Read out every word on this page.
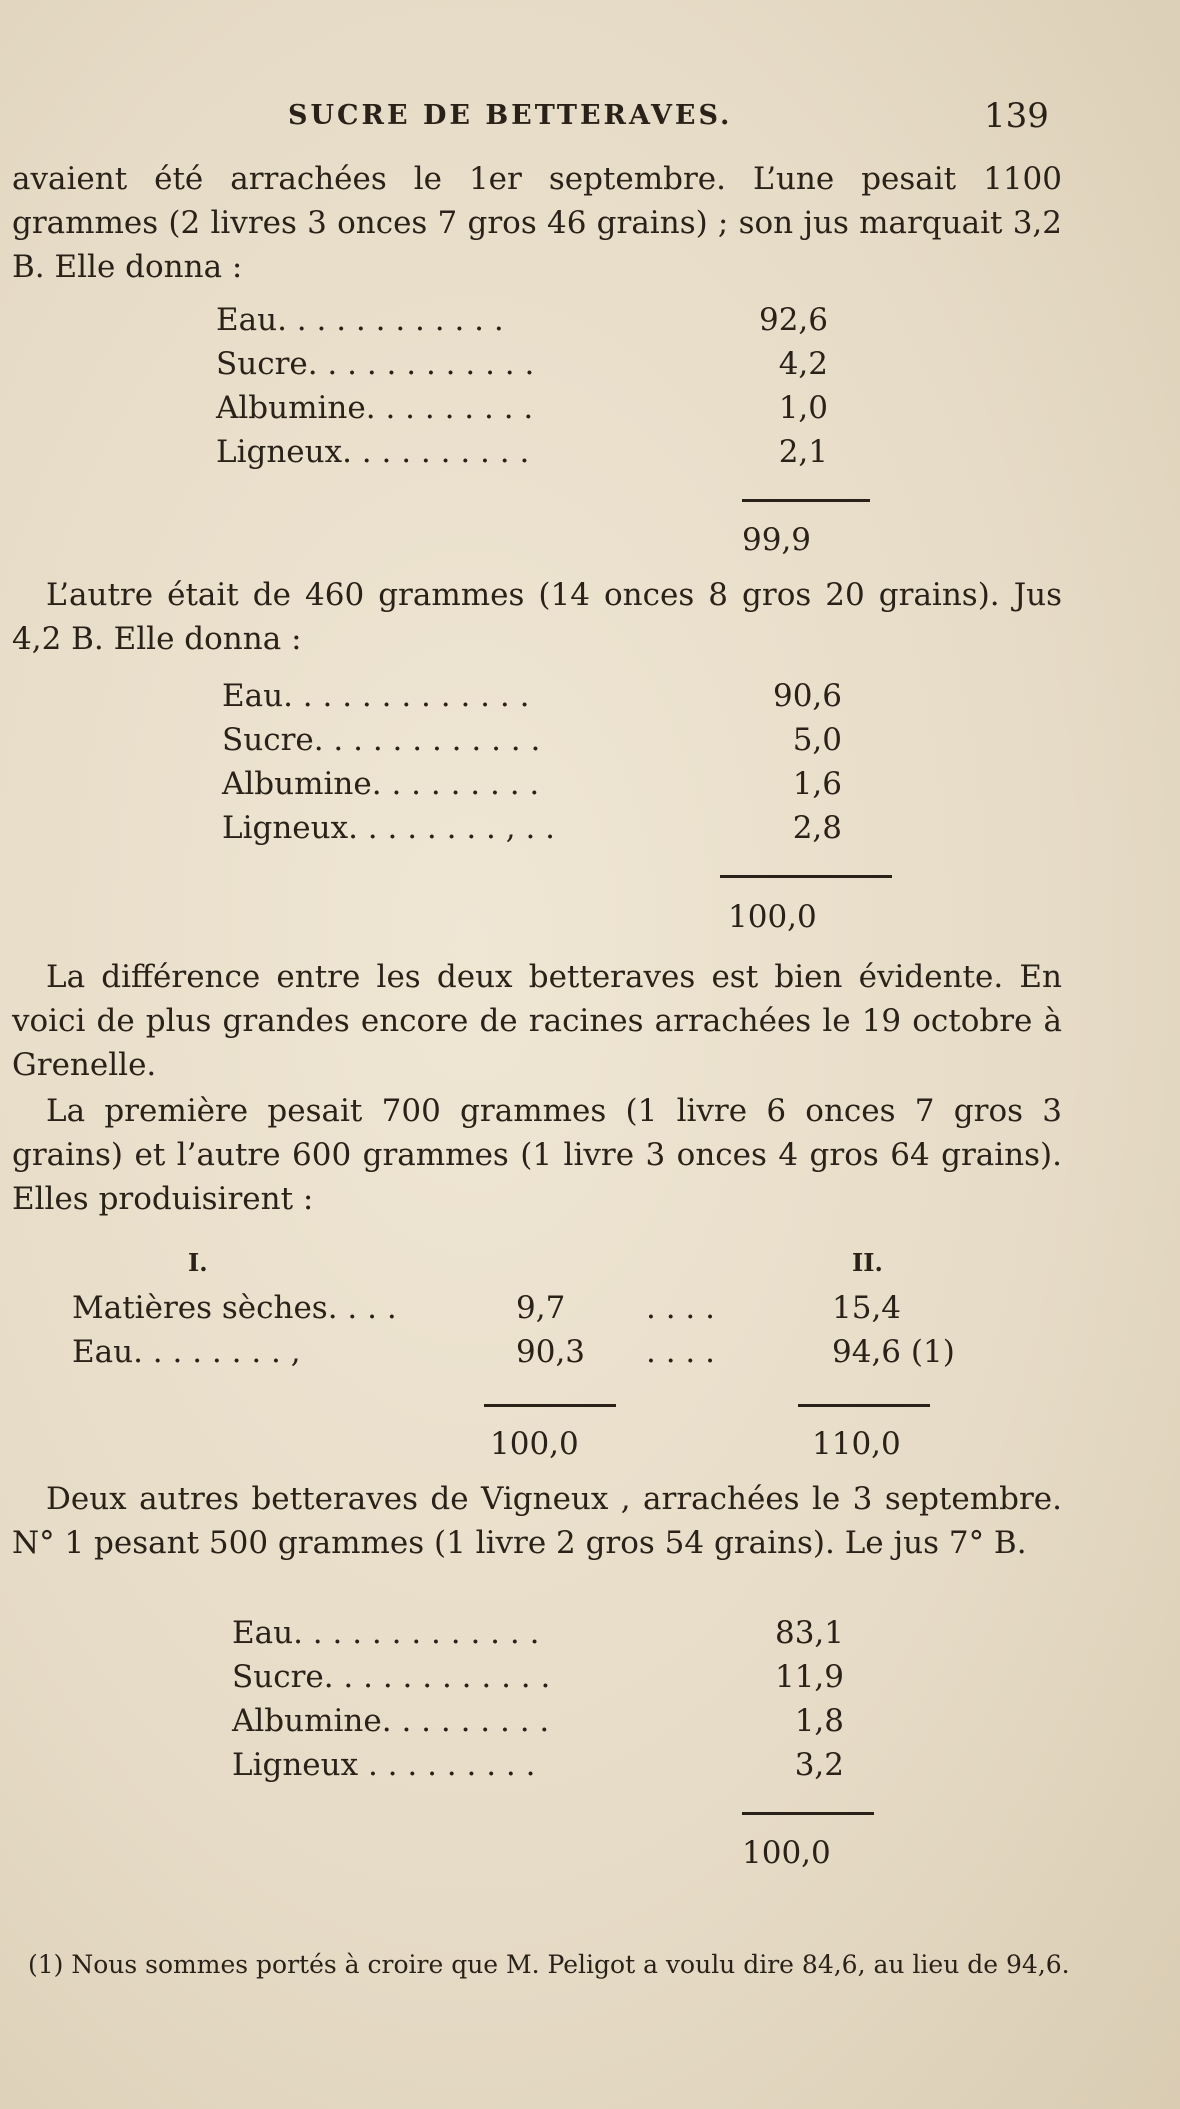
SUCRE DE BETTERAVES.	139
avaient été arrachées le 1er septembre. L’une pesait 1100 grammes (2 livres 3 onces 7 gros 46 grains) ; son jus marquait 3,2 B. Elle donna :
Eau. . . . . . . . . . . .	92,6
Sucre. . . . . . . . . . . .	4,2
Albumine. . . . . . . . .	1,0
Ligneux. . . . . . . . . .	2,1
99,9
L’autre était de 460 grammes (14 onces 8 gros 20 grains). Jus 4,2 B. Elle donna :
Eau. . . . . . . . . . . . .	90,6
Sucre. . . . . . . . . . . .	5,0
Albumine. . . . . . . . .	1,6
Ligneux. . . . . . . . , . .	2,8
100,0
La différence entre les deux betteraves est bien évidente. En voici de plus grandes encore de racines arrachées le 19 octobre à Grenelle.
La première pesait 700 grammes (1 livre 6 onces 7 gros 3 grains) et l’autre 600 grammes (1 livre 3 onces 4 gros 64 grains). Elles produisirent :
I.	II.
Matières sèches. . . .	9,7	. . . .	15,4
Eau. . . . . . . . ,	90,3 . . . .	94,6 (1)
100,0	110,0
Deux autres betteraves de Vigneux , arrachées le 3 septembre. N° 1 pesant 500 grammes (1 livre 2 gros 54 grains). Le jus 7° B.
Eau. . . . . . . . . . . . .	83,1
Sucre. . . . . . . . . . . .	11,9
Albumine. . . . . . . . .	1,8
Ligneux . . . . . . . . .	3,2
100,0
(1) Nous sommes portés à croire que M. Peligot a voulu dire 84,6, au lieu de 94,6.
